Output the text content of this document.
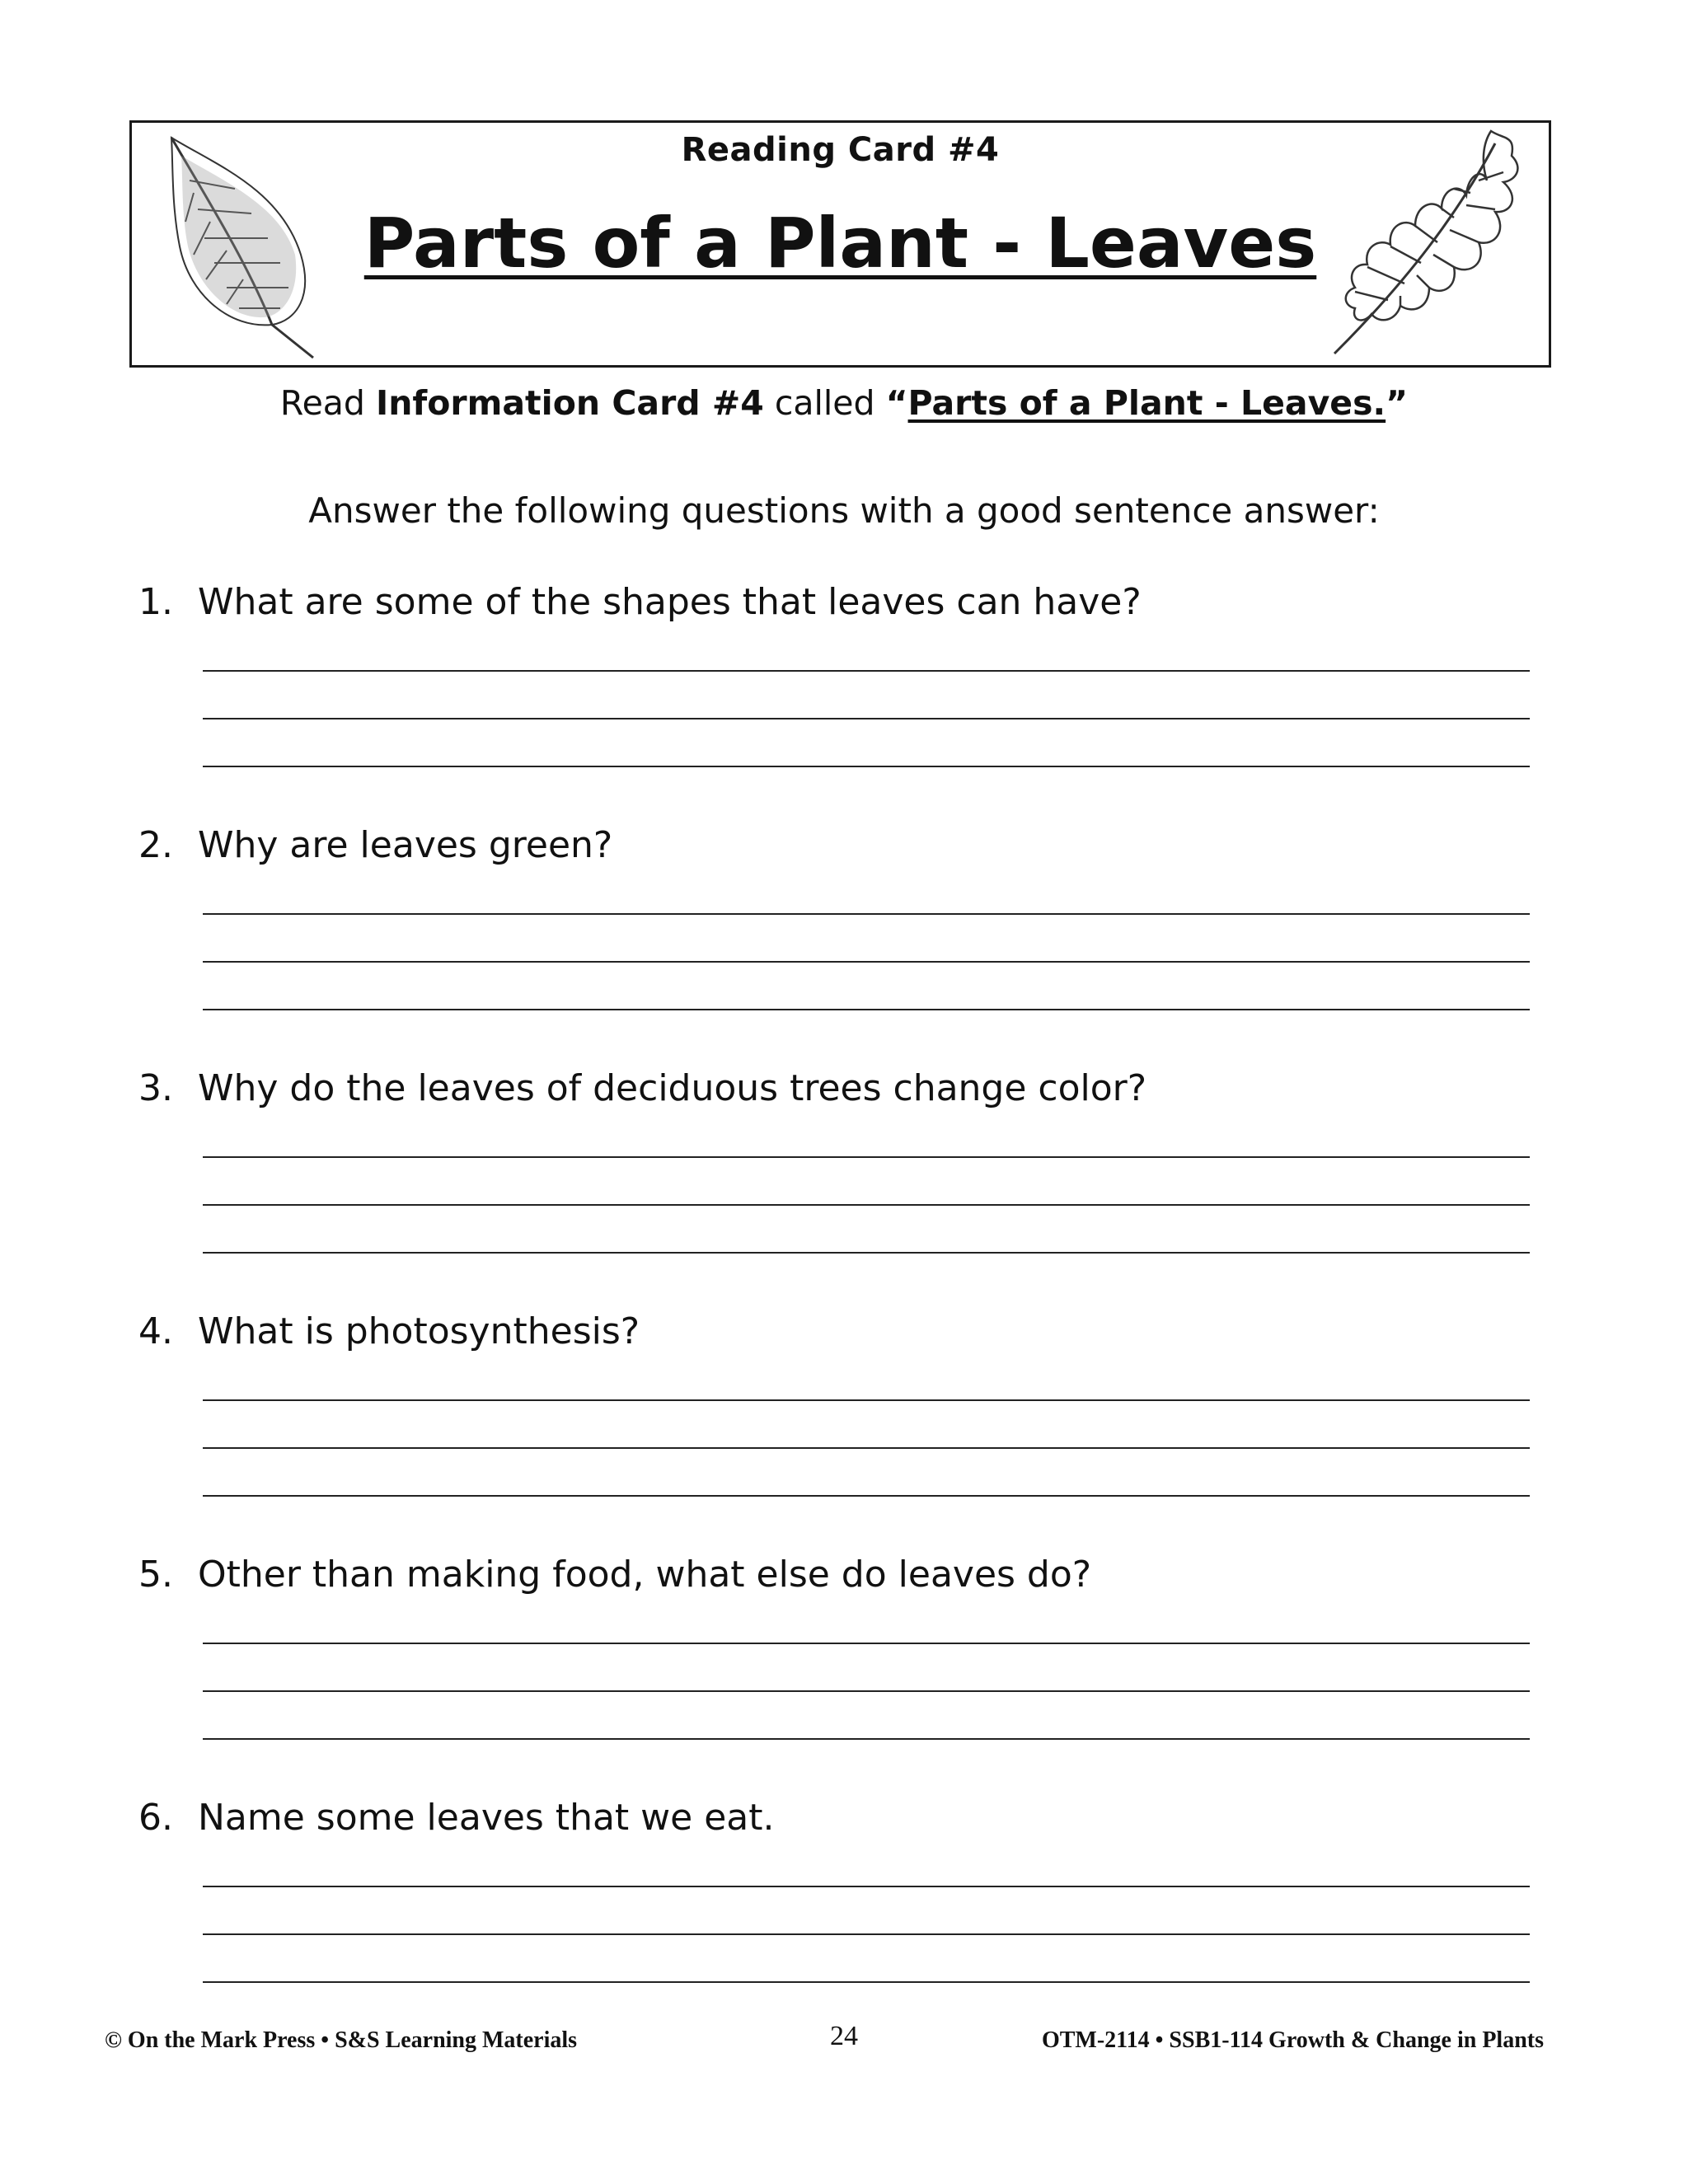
Reading Card #4
Parts of a Plant - Leaves
Read Information Card #4 called “Parts of a Plant - Leaves.”
Answer the following questions with a good sentence answer:
1. What are some of the shapes that leaves can have?
2. Why are leaves green?
3. Why do the leaves of deciduous trees change color?
4. What is photosynthesis?
5. Other than making food, what else do leaves do?
6. Name some leaves that we eat.
© On the Mark Press • S&S Learning Materials	24	OTM-2114 • SSB1-114 Growth & Change in Plants
